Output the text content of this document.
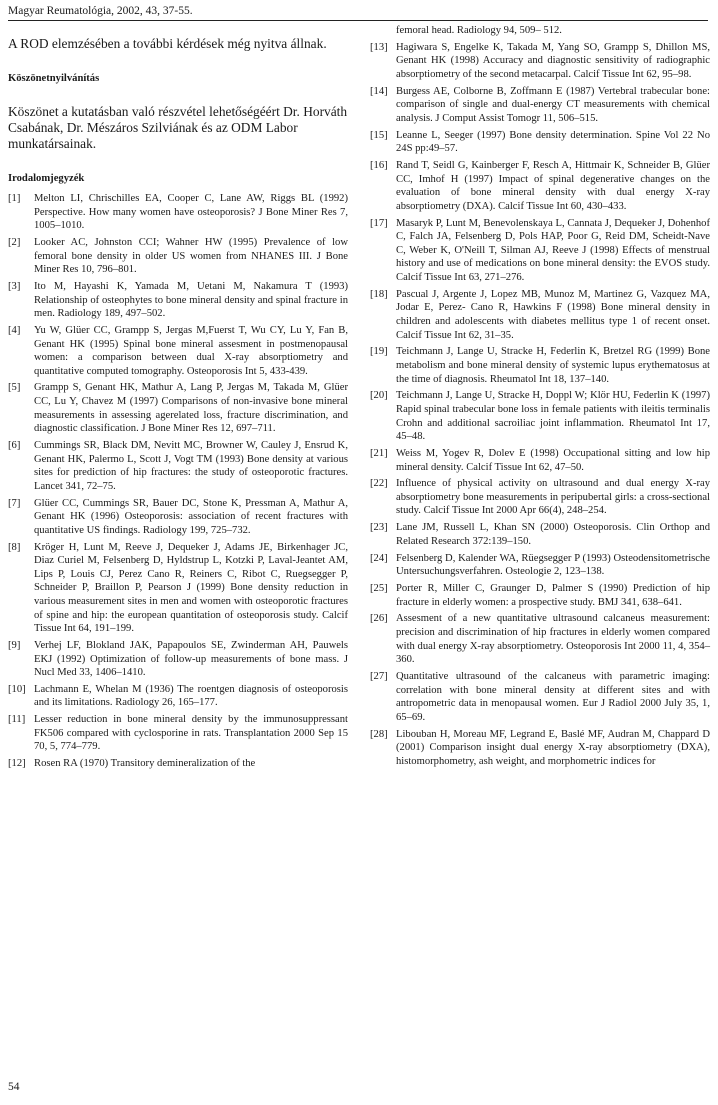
Magyar Reumatológia, 2002, 43, 37-55.

A ROD elemzésében a további kérdések még nyitva állnak.

Köszönetnyilvánítás

Köszönet a kutatásban való részvétel lehetőségéért Dr. Horváth Csabának, Dr. Mészáros Szilviának és az ODM Labor munkatársainak.

Irodalomjegyzék

[1]	Melton LI, Chrischilles EA, Cooper C, Lane AW, Riggs BL (1992) Perspective. How many women have osteoporosis? J Bone Miner Res 7, 1005–1010.
[2]	Looker AC, Johnston CCI; Wahner HW (1995) Prevalence of low femoral bone density in older US women from NHANES III. J Bone Miner Res 10, 796–801.
[3]	Ito M, Hayashi K, Yamada M, Uetani M, Nakamura T (1993) Relationship of osteophytes to bone mineral density and spinal fracture in men. Radiology 189, 497–502.
[4]	Yu W, Glüer CC, Grampp S, Jergas M,Fuerst T, Wu CY, Lu Y, Fan B, Genant HK (1995) Spinal bone mineral assesment in postmenopausal women: a comparison between dual X-ray absorptiometry and quantitative computed tomography. Osteoporosis Int 5, 433-439.
[5]	Grampp S, Genant HK, Mathur A, Lang P, Jergas M, Takada M, Glüer CC, Lu Y, Chavez M (1997) Comparisons of non-invasive bone mineral measurements in assessing agerelated loss, fracture discrimination, and diagnostic classification. J Bone Miner Res 12, 697–711.
[6]	Cummings SR, Black DM, Nevitt MC, Browner W, Cauley J, Ensrud K, Genant HK, Palermo L, Scott J, Vogt TM (1993) Bone density at various sites for prediction of hip fractures: the study of osteoporotic fractures. Lancet 341, 72–75.
[7]	Glüer CC, Cummings SR, Bauer DC, Stone K, Pressman A, Mathur A, Genant HK (1996) Osteoporosis: association of recent fractures with quantitative US findings. Radiology 199, 725–732.
[8]	Kröger H, Lunt M, Reeve J, Dequeker J, Adams JE, Birkenhager JC, Diaz Curiel M, Felsenberg D, Hyldstrup L, Kotzki P, Laval-Jeantet AM, Lips P, Louis CJ, Perez Cano R, Reiners C, Ribot C, Ruegsegger P, Schneider P, Braillon P, Pearson J (1999) Bone density reduction in various measurement sites in men and women with osteoporotic fractures of spine and hip: the european quantitation of osteoporosis study. Calcif Tissue Int 64, 191–199.
[9]	Verhej LF, Blokland JAK, Papapoulos SE, Zwinderman AH, Pauwels EKJ (1992) Optimization of follow-up measurements of bone mass. J Nucl Med 33, 1406–1410.
[10] Lachmann E, Whelan M (1936) The roentgen diagnosis of osteoporosis and its limitations. Radiology 26, 165–177.
[11] Lesser reduction in bone mineral density by the immunosuppressant FK506 compared with cyclosporine in rats. Transplantation 2000 Sep 15 70, 5, 774–779.
[12] Rosen RA (1970) Transitory demineralization of the
femoral head. Radiology 94, 509– 512.
[13] Hagiwara S, Engelke K, Takada M, Yang SO, Grampp S, Dhillon MS, Genant HK (1998) Accuracy and diagnostic sensitivity of radiographic absorptiometry of the second metacarpal. Calcif Tissue Int 62, 95–98.
[14] Burgess AE, Colborne B, Zoffmann E (1987) Vertebral trabecular bone: comparison of single and dual-energy CT measurements with chemical analysis. J Comput Assist Tomogr 11, 506–515.
[15] Leanne L, Seeger (1997) Bone density determination. Spine Vol 22 No 24S pp:49–57.
[16] Rand T, Seidl G, Kainberger F, Resch A, Hittmair K, Schneider B, Glüer CC, Imhof H (1997) Impact of spinal degenerative changes on the evaluation of bone mineral density with dual energy X-ray absorptiometry (DXA). Calcif Tissue Int 60, 430–433.
[17] Masaryk P, Lunt M, Benevolenskaya L, Cannata J, Dequeker J, Dohenhof C, Falch JA, Felsenberg D, Pols HAP, Poor G, Reid DM, Scheidt-Nave C, Weber K, O'Neill T, Silman AJ, Reeve J (1998) Effects of menstrual history and use of medications on bone mineral density: the EVOS study. Calcif Tissue Int 63, 271–276.
[18] Pascual J, Argente J, Lopez MB, Munoz M, Martinez G, Vazquez MA, Jodar E, Perez- Cano R, Hawkins F (1998) Bone mineral density in children and adolescents with diabetes mellitus type 1 of recent onset. Calcif Tissue Int 62, 31–35.
[19] Teichmann J, Lange U, Stracke H, Federlin K, Bretzel RG (1999) Bone metabolism and bone mineral density of systemic lupus erythematosus at the time of diagnosis. Rheumatol Int 18, 137–140.
[20] Teichmann J, Lange U, Stracke H, Doppl W; Klör HU, Federlin K (1997) Rapid spinal trabecular bone loss in female patients with ileitis terminalis Crohn and additional sacroiliac joint inflammation. Rheumatol Int 17, 45–48.
[21] Weiss M, Yogev R, Dolev E (1998) Occupational sitting and low hip mineral density. Calcif Tissue Int 62, 47–50.
[22] Influence of physical activity on ultrasound and dual energy X-ray absorptiometry bone measurements in peripubertal girls: a cross-sectional study. Calcif Tissue Int 2000 Apr 66(4), 248–254.
[23] Lane JM, Russell L, Khan SN (2000) Osteoporosis. Clin Orthop and Related Research 372:139–150.
[24] Felsenberg D, Kalender WA, Rüegsegger P (1993) Osteodensitometrische Untersuchungsverfahren. Osteologie 2, 123–138.
[25] Porter R, Miller C, Graunger D, Palmer S (1990) Prediction of hip fracture in elderly women: a prospective study. BMJ 341, 638–641.
[26] Assesment of a new quantitative ultrasound calcaneus measurement: precision and discrimination of hip fractures in elderly women compared with dual energy X-ray absorptiometry. Osteoporosis Int 2000 11, 4, 354–360.
[27] Quantitative ultrasound of the calcaneus with parametric imaging: correlation with bone mineral density at different sites and with antropometric data in menopausal women. Eur J Radiol 2000 July 35, 1, 65–69.
[28] Libouban H, Moreau MF, Legrand E, Baslé MF, Audran M, Chappard D (2001) Comparison insight dual energy X-ray absorptiometry (DXA), histomorphometry, ash weight, and morphometric indices for
54
